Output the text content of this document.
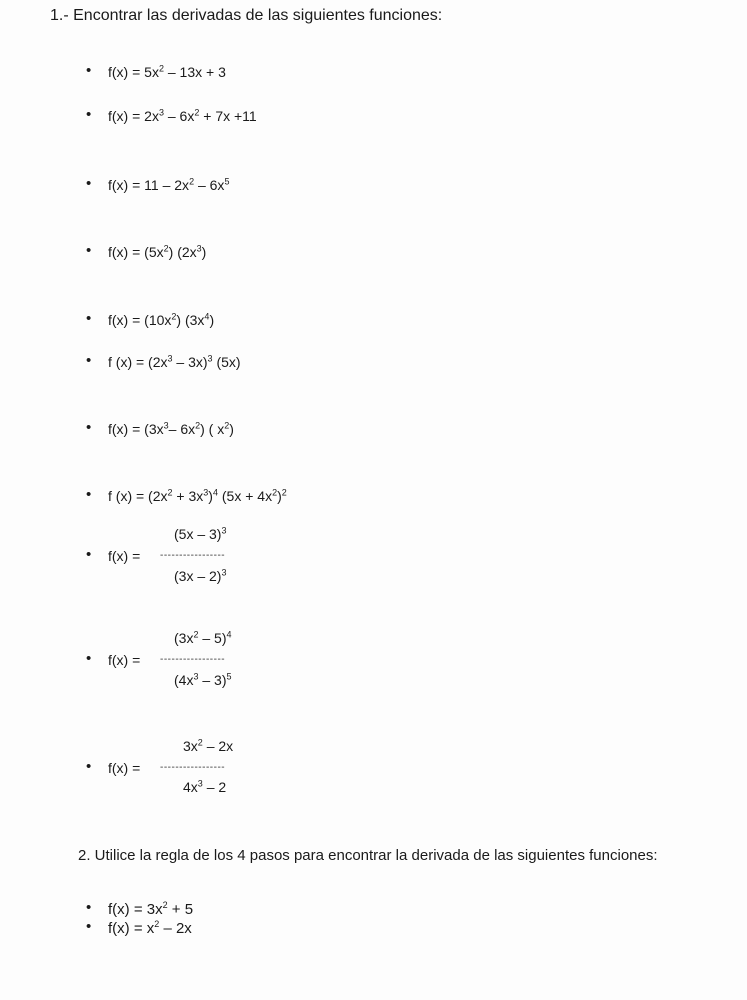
1.- Encontrar las derivadas de las siguientes funciones:
• $f(x) = 5x^2 - 13x + 3$
• $f(x) = 2x^3 - 6x^2 + 7x +11$
• $f(x) = 11 - 2x^2 - 6x^5$
• $f(x) = (5x^2)$ $(2x^3)$
• $f(x) = (10x^2)$ $(3x^4)$
• f $(x) = (2x^3 - 3x)^3$ (5x)
• $f(x) = (3x^3-$ $6x^2$) ( $x^2$)
• f $(x) = (2x^2 + 3x^3)^4$ $(5x + 4x^2)^2$
• f(x) =
(5x – 3)$^3$
-----------------
(3x – 2)$^3$
• f(x) =
$(3x^2 - 5)^4$
-----------------
$(4x^3 - 3)^5$
• f(x) =
$3x^2 - 2x$
-----------------
$4x^3 - 2$
2. Utilice la regla de los 4 pasos para encontrar la derivada de las siguientes funciones:
• $f(x) = 3x^2 + 5$
• $f(x) = x^2 - 2x$
